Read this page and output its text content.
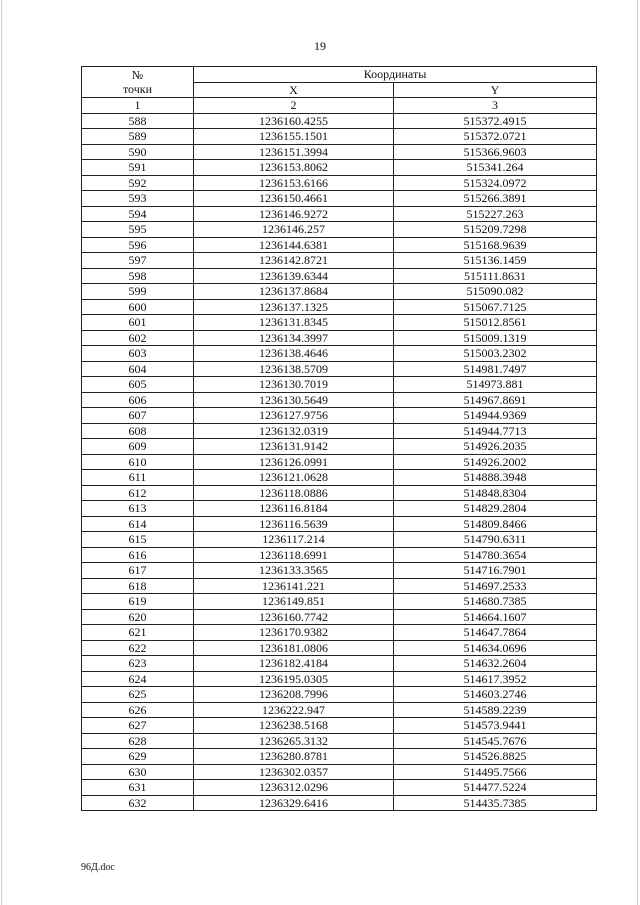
19
№
точки	Координаты	
	X	Y
1	2	3
588	1236160.4255	515372.4915
589	1236155.1501	515372.0721
590	1236151.3994	515366.9603
591	1236153.8062	515341.264
592	1236153.6166	515324.0972
593	1236150.4661	515266.3891
594	1236146.9272	515227.263
595	1236146.257	515209.7298
596	1236144.6381	515168.9639
597	1236142.8721	515136.1459
598	1236139.6344	515111.8631
599	1236137.8684	515090.082
600	1236137.1325	515067.7125
601	1236131.8345	515012.8561
602	1236134.3997	515009.1319
603	1236138.4646	515003.2302
604	1236138.5709	514981.7497
605	1236130.7019	514973.881
606	1236130.5649	514967.8691
607	1236127.9756	514944.9369
608	1236132.0319	514944.7713
609	1236131.9142	514926.2035
610	1236126.0991	514926.2002
611	1236121.0628	514888.3948
612	1236118.0886	514848.8304
613	1236116.8184	514829.2804
614	1236116.5639	514809.8466
615	1236117.214	514790.6311
616	1236118.6991	514780.3654
617	1236133.3565	514716.7901
618	1236141.221	514697.2533
619	1236149.851	514680.7385
620	1236160.7742	514664.1607
621	1236170.9382	514647.7864
622	1236181.0806	514634.0696
623	1236182.4184	514632.2604
624	1236195.0305	514617.3952
625	1236208.7996	514603.2746
626	1236222.947	514589.2239
627	1236238.5168	514573.9441
628	1236265.3132	514545.7676
629	1236280.8781	514526.8825
630	1236302.0357	514495.7566
631	1236312.0296	514477.5224
632	1236329.6416	514435.7385
96Д.doc
